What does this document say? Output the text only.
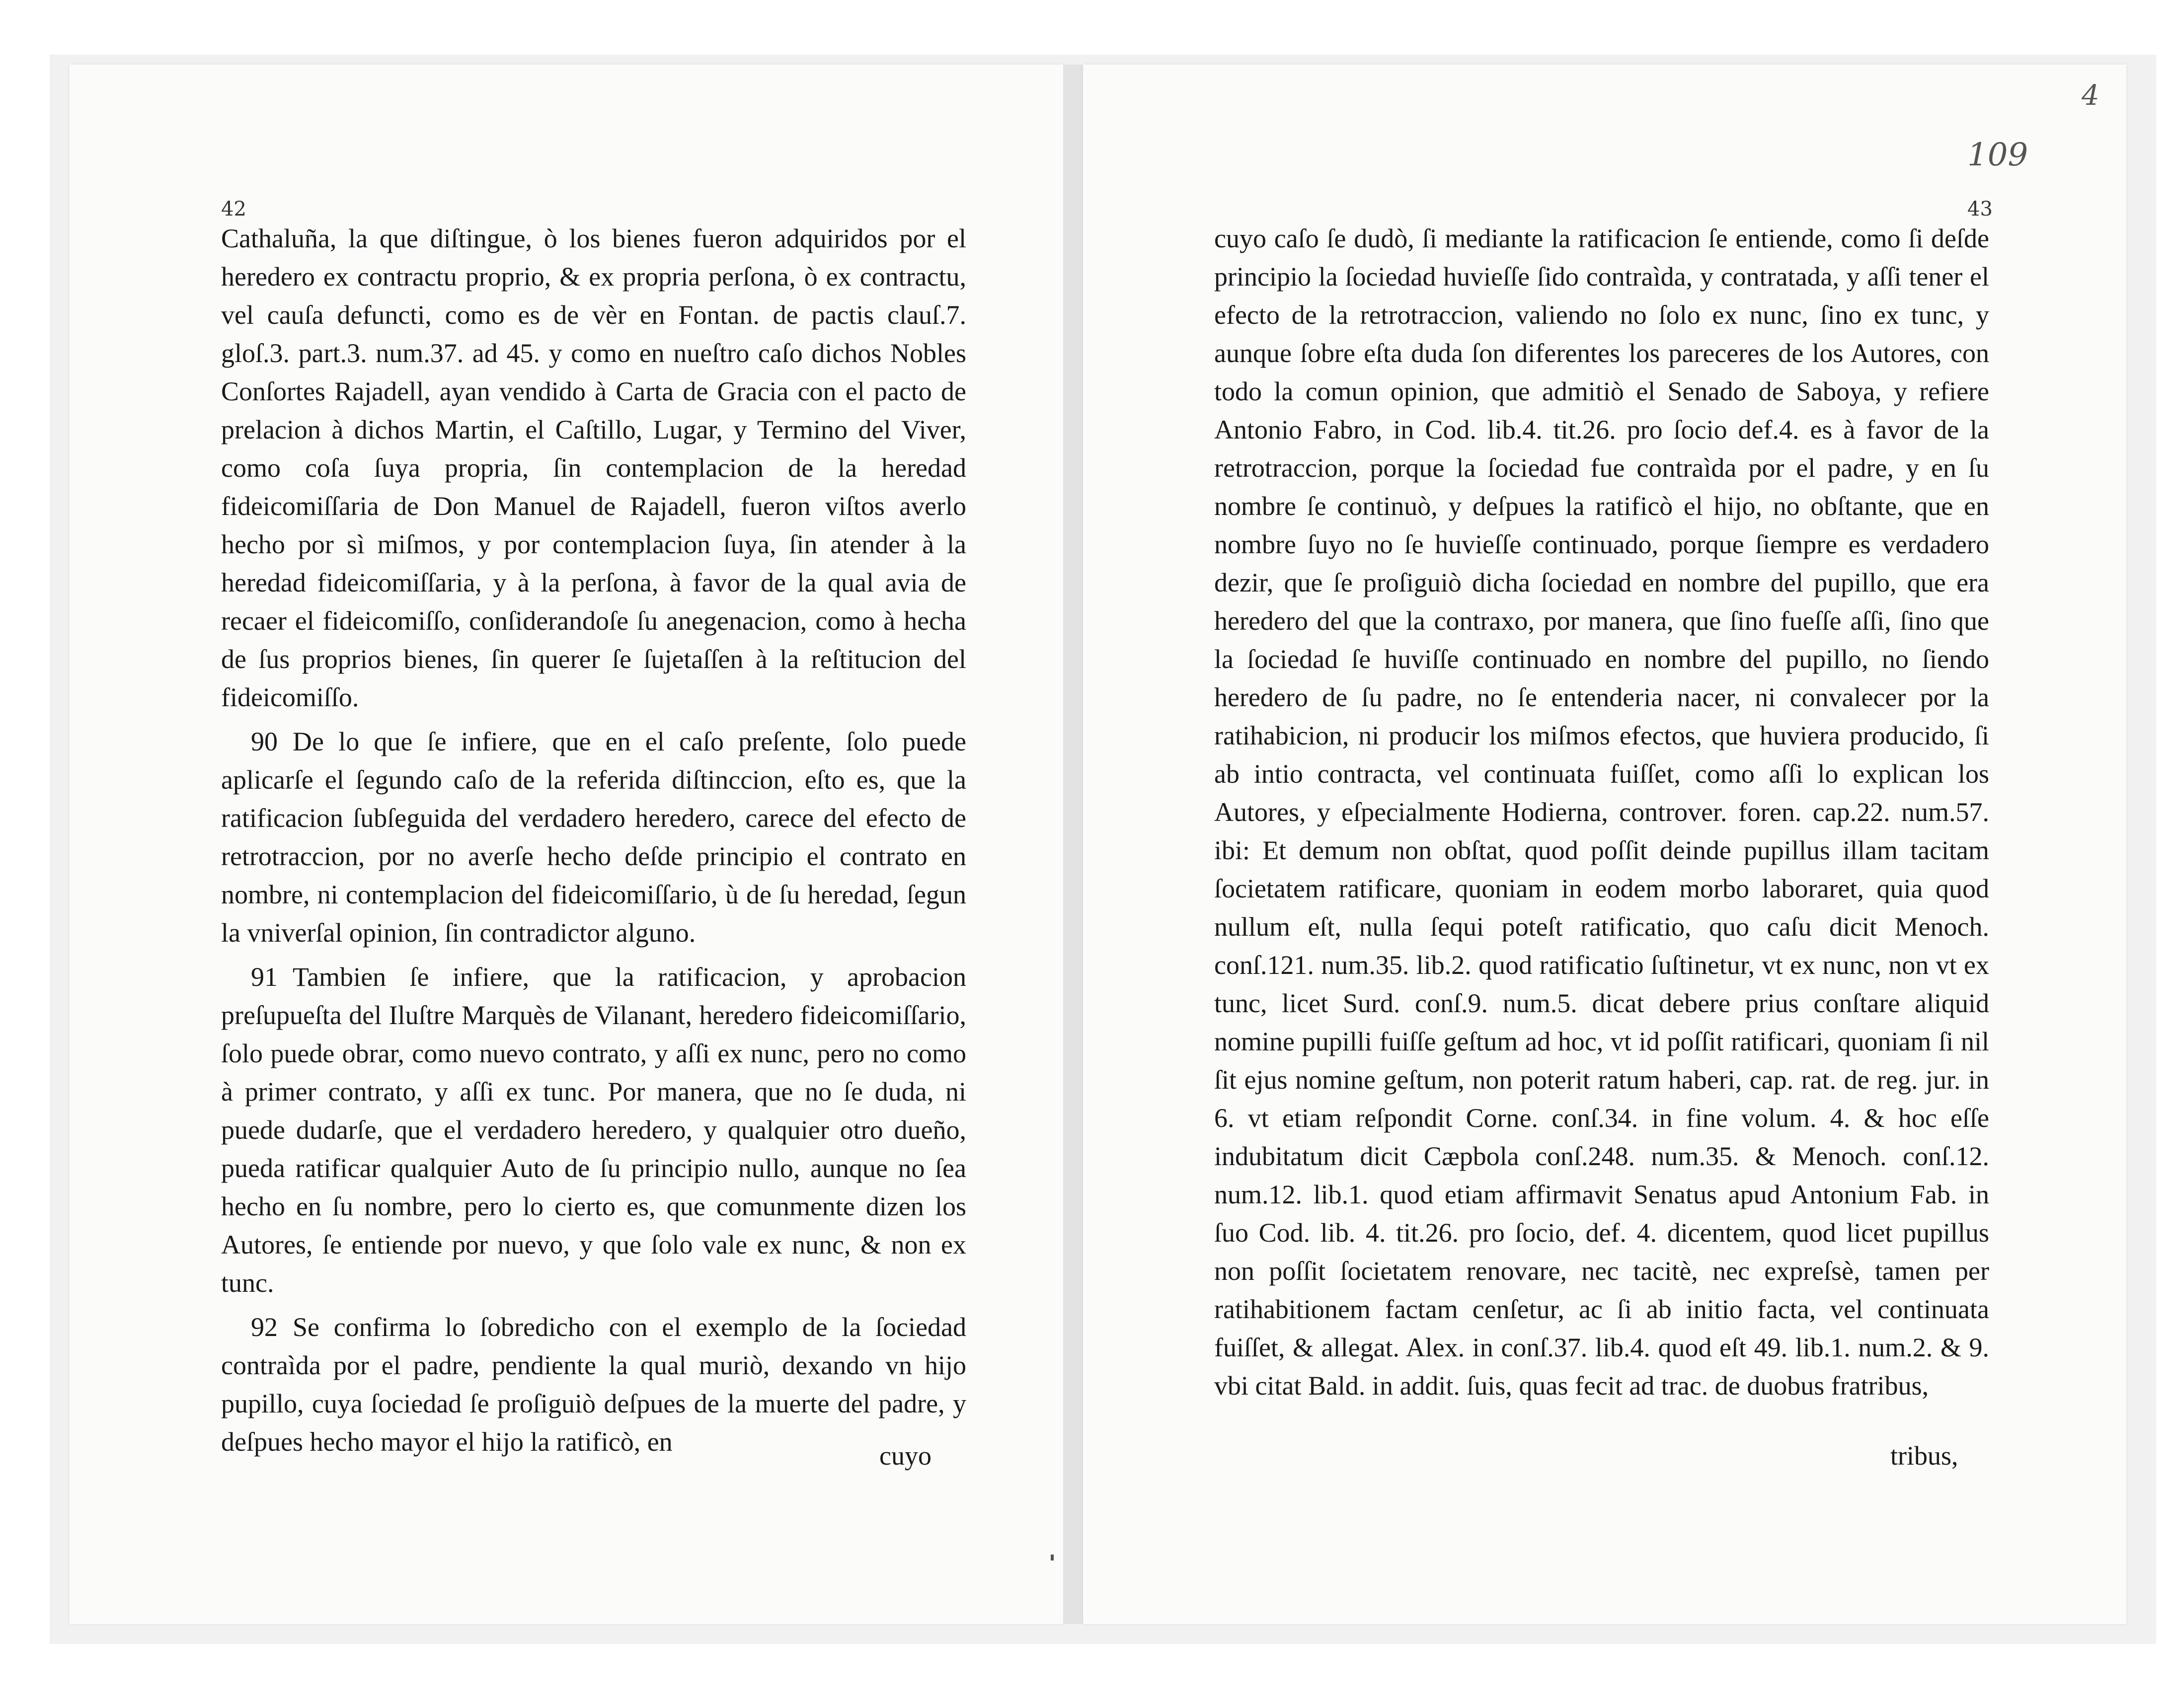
42

Cathaluña, la que diſtingue, ò los bienes fueron adquiridos por el heredero ex contractu proprio, & ex propria perſona, ò ex contractu, vel cauſa defuncti, como es de vèr en Fontan. de pactis clauſ.7. gloſ.3. part.3. num.37. ad 45. y como en nueſtro caſo dichos Nobles Conſortes Rajadell, ayan vendido à Carta de Gracia con el pacto de prelacion à dichos Martin, el Caſtillo, Lugar, y Termino del Viver, como coſa ſuya propria, ſin contemplacion de la heredad fideicomiſſaria de Don Manuel de Rajadell, fueron viſtos averlo hecho por sì miſmos, y por contemplacion ſuya, ſin atender à la heredad fideicomiſſaria, y à la perſona, à favor de la qual avia de recaer el fideicomiſſo, conſiderandoſe ſu anegenacion, como à hecha de ſus proprios bienes, ſin querer ſe ſujetaſſen à la reſtitucion del fideicomiſſo.

90 De lo que ſe infiere, que en el caſo preſente, ſolo puede aplicarſe el ſegundo caſo de la referida diſtinccion, eſto es, que la ratificacion ſubſeguida del verdadero heredero, carece del efecto de retrotraccion, por no averſe hecho deſde principio el contrato en nombre, ni contemplacion del fideicomiſſario, ù de ſu heredad, ſegun la vniverſal opinion, ſin contradictor alguno.

91 Tambien ſe infiere, que la ratificacion, y aprobacion preſupueſta del Iluſtre Marquès de Vilanant, heredero fideicomiſſario, ſolo puede obrar, como nuevo contrato, y aſſi ex nunc, pero no como à primer contrato, y aſſi ex tunc. Por manera, que no ſe duda, ni puede dudarſe, que el verdadero heredero, y qualquier otro dueño, pueda ratificar qualquier Auto de ſu principio nullo, aunque no ſea hecho en ſu nombre, pero lo cierto es, que comunmente dizen los Autores, ſe entiende por nuevo, y que ſolo vale ex nunc, & non ex tunc.

92 Se confirma lo ſobredicho con el exemplo de la ſociedad contraìda por el padre, pendiente la qual muriò, dexando vn hijo pupillo, cuya ſociedad ſe proſiguiò deſpues de la muerte del padre, y deſpues hecho mayor el hijo la ratificò, en	cuyo
109
4
43

cuyo caſo ſe dudò, ſi mediante la ratificacion ſe entiende, como ſi deſde principio la ſociedad huvieſſe ſido contraìda, y contratada, y aſſi tener el efecto de la retrotraccion, valiendo no ſolo ex nunc, ſino ex tunc, y aunque ſobre eſta duda ſon diferentes los pareceres de los Autores, con todo la comun opinion, que admitiò el Senado de Saboya, y refiere Antonio Fabro, in Cod. lib.4. tit.26. pro ſocio def.4. es à favor de la retrotraccion, porque la ſociedad fue contraìda por el padre, y en ſu nombre ſe continuò, y deſpues la ratificò el hijo, no obſtante, que en nombre ſuyo no ſe huvieſſe continuado, porque ſiempre es verdadero dezir, que ſe proſiguiò dicha ſociedad en nombre del pupillo, que era heredero del que la contraxo, por manera, que ſino fueſſe aſſi, ſino que la ſociedad ſe huviſſe continuado en nombre del pupillo, no ſiendo heredero de ſu padre, no ſe entenderia nacer, ni convalecer por la ratihabicion, ni producir los miſmos efectos, que huviera producido, ſi ab intio contracta, vel continuata fuiſſet, como aſſi lo explican los Autores, y eſpecialmente Hodierna, controver. foren. cap.22. num.57. ibi: Et demum non obſtat, quod poſſit deinde pupillus illam tacitam ſocietatem ratificare, quoniam in eodem morbo laboraret, quia quod nullum eſt, nulla ſequi poteſt ratificatio, quo caſu dicit Menoch. conſ.121. num.35. lib.2. quod ratificatio ſuſtinetur, vt ex nunc, non vt ex tunc, licet Surd. conſ.9. num.5. dicat debere prius conſtare aliquid nomine pupilli fuiſſe geſtum ad hoc, vt id poſſit ratificari, quoniam ſi nil ſit ejus nomine geſtum, non poterit ratum haberi, cap. rat. de reg. jur. in 6. vt etiam reſpondit Corne. conſ.34. in fine volum. 4. & hoc eſſe indubitatum dicit Cæpbola conſ.248. num.35. & Menoch. conſ.12. num.12. lib.1. quod etiam affirmavit Senatus apud Antonium Fab. in ſuo Cod. lib. 4. tit.26. pro ſocio, def. 4. dicentem, quod licet pupillus non poſſit ſocietatem renovare, nec tacitè, nec expreſsè, tamen per ratihabitionem factam cenſetur, ac ſi ab initio facta, vel continuata fuiſſet, & allegat. Alex. in conſ.37. lib.4. quod eſt 49. lib.1. num.2. & 9. vbi citat Bald. in addit. ſuis, quas fecit ad trac. de duobus fratribus,

tribus,
